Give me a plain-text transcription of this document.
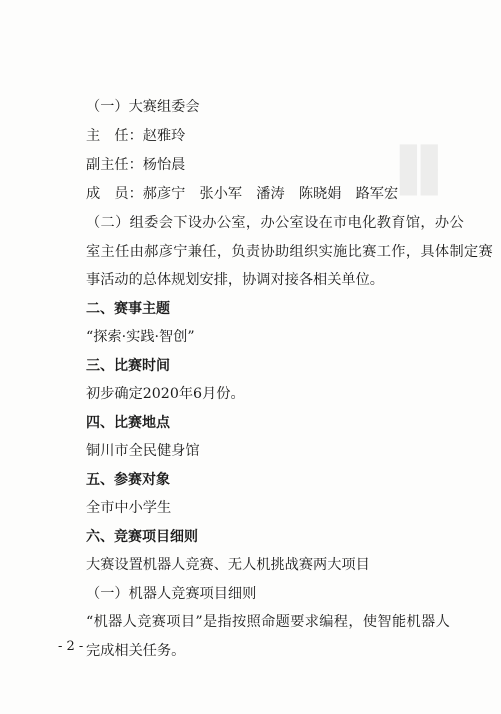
██ ██
（一）大赛组委会
主　任：赵雅玲
副主任：杨怡晨
成　员：郝彦宁　张小军　潘涛　陈晓娟　路军宏
（二）组委会下设办公室，办公室设在市电化教育馆，办公
室主任由郝彦宁兼任，负责协助组织实施比赛工作，具体制定赛
事活动的总体规划安排，协调对接各相关单位。
二、赛事主题
“探索·实践·智创”
三、比赛时间
初步确定2020年6月份。
四、比赛地点
铜川市全民健身馆
五、参赛对象
全市中小学生
六、竞赛项目细则
大赛设置机器人竞赛、无人机挑战赛两大项目
（一）机器人竞赛项目细则
“机器人竞赛项目”是指按照命题要求编程，使智能机器人
完成相关任务。
- 2 -
